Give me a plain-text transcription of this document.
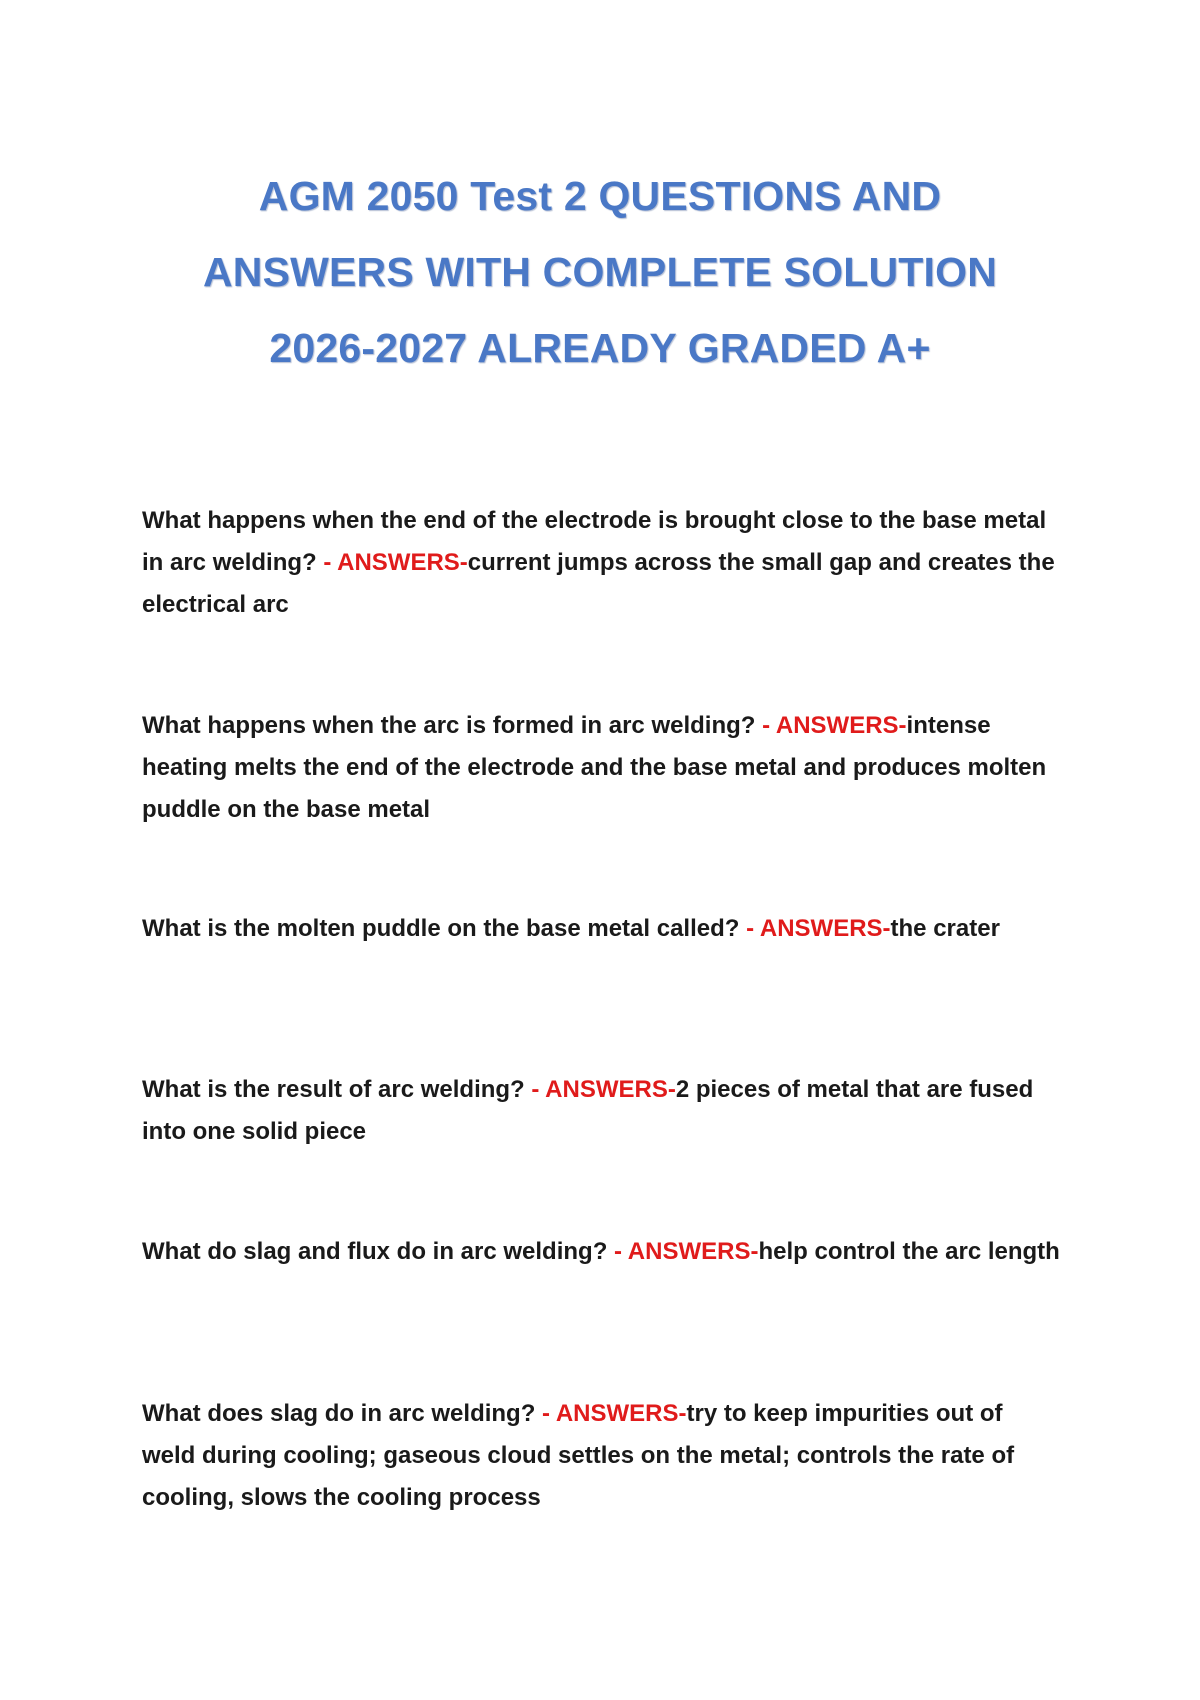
AGM 2050 Test 2 QUESTIONS AND
ANSWERS WITH COMPLETE SOLUTION
2026-2027 ALREADY GRADED A+

What happens when the end of the electrode is brought close to the base metal in arc welding? - ANSWERS-current jumps across the small gap and creates the electrical arc

What happens when the arc is formed in arc welding? - ANSWERS-intense heating melts the end of the electrode and the base metal and produces molten puddle on the base metal

What is the molten puddle on the base metal called? - ANSWERS-the crater

What is the result of arc welding? - ANSWERS-2 pieces of metal that are fused into one solid piece

What do slag and flux do in arc welding? - ANSWERS-help control the arc length

What does slag do in arc welding? - ANSWERS-try to keep impurities out of weld during cooling; gaseous cloud settles on the metal; controls the rate of cooling, slows the cooling process
